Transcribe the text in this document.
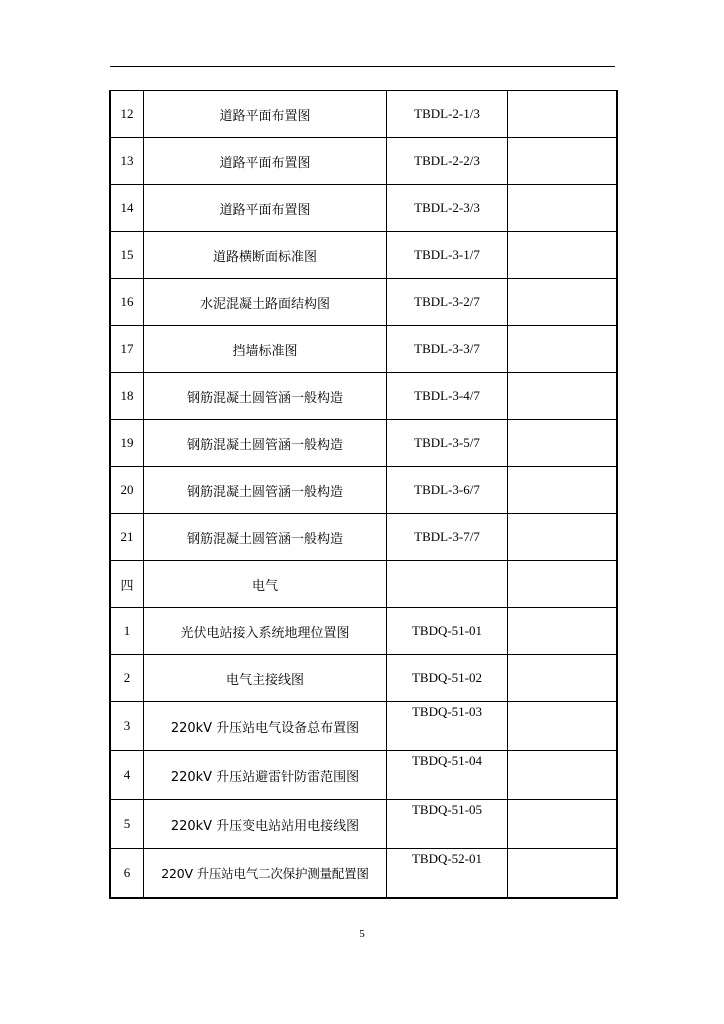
12	道路平面布置图	TBDL-2-1/3	
13	道路平面布置图	TBDL-2-2/3	
14	道路平面布置图	TBDL-2-3/3	
15	道路横断面标准图	TBDL-3-1/7	
16	水泥混凝土路面结构图	TBDL-3-2/7	
17	挡墙标准图	TBDL-3-3/7	
18	钢筋混凝土圆管涵一般构造	TBDL-3-4/7	
19	钢筋混凝土圆管涵一般构造	TBDL-3-5/7	
20	钢筋混凝土圆管涵一般构造	TBDL-3-6/7	
21	钢筋混凝土圆管涵一般构造	TBDL-3-7/7	
四	电气		
1	光伏电站接入系统地理位置图	TBDQ-51-01	
2	电气主接线图	TBDQ-51-02	
3	220kV 升压站电气设备总布置图	TBDQ-51-03	
4	220kV 升压站避雷针防雷范围图	TBDQ-51-04	
5	220kV 升压变电站站用电接线图	TBDQ-51-05	
6	220V 升压站电气二次保护测量配置图	TBDQ-52-01	
5
